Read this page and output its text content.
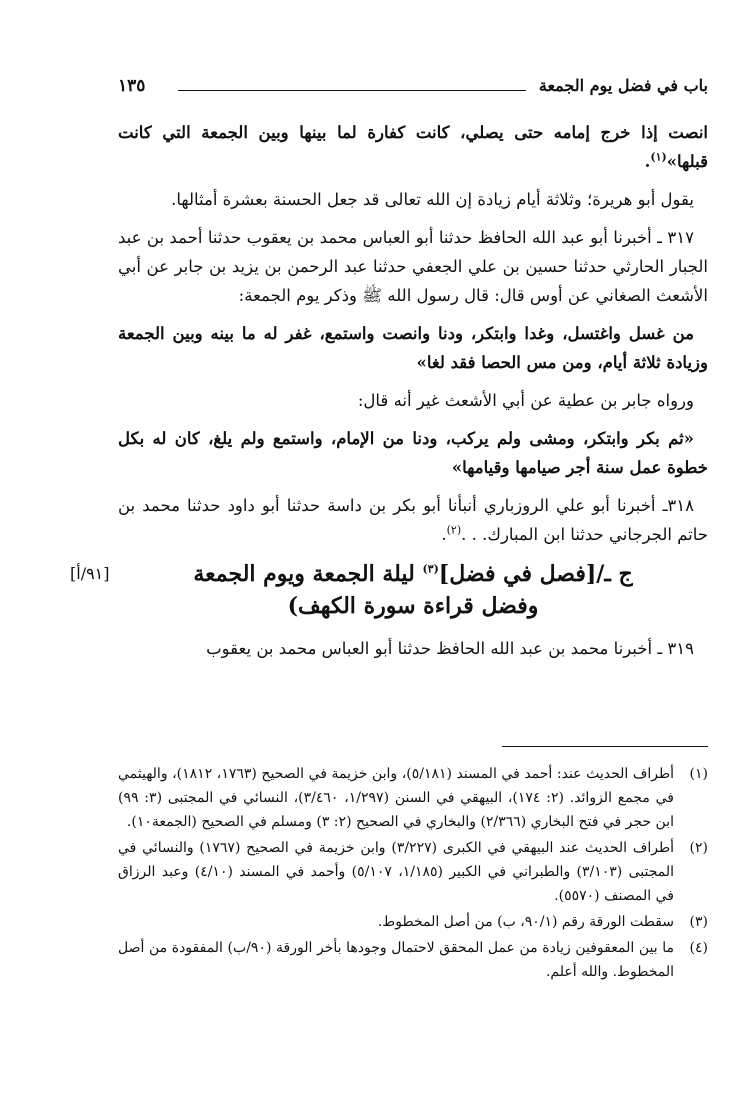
باب في فضل يوم الجمعة
١٣٥

انصت إذا خرج إمامه حتى يصلي، كانت كفارة لما بينها وبين الجمعة التي كانت قبلها»$^{(١)}$.

يقول أبو هريرة؛ وثلاثة أيام زيادة إن الله تعالى قد جعل الحسنة بعشرة أمثالها.

٣١٧ ـ أخبرنا أبو عبد الله الحافظ حدثنا أبو العباس محمد بن يعقوب حدثنا أحمد بن عبد الجبار الحارثي حدثنا حسين بن علي الجعفي حدثنا عبد الرحمن بن يزيد بن جابر عن أبي الأشعث الصغاني عن أوس قال: قال رسول الله ﷺ وذكر يوم الجمعة:

من غسل واغتسل، وغدا وابتكر، ودنا وانصت واستمع، غفر له ما بينه وبين الجمعة وزيادة ثلاثة أيام، ومن مس الحصا فقد لغا»

ورواه جابر بن عطية عن أبي الأشعث غير أنه قال:

«ثم بكر وابتكر، ومشى ولم يركب، ودنا من الإمام، واستمع ولم يلغ، كان له بكل خطوة عمل سنة أجر صيامها وقيامها»

٣١٨ـ أخبرنا أبو علي الروزباري أنبأنا أبو بكر بن داسة حدثنا أبو داود حدثنا محمد بن حاتم الجرجاني حدثنا ابن المبارك. . .$^{(٢)}$.

ج ـ/[فصل في فضل]$^{(٣)}$ ليلة الجمعة ويوم الجمعة
وفضل قراءة سورة الكهف)
[٩١/أ]

٣١٩ ـ أخبرنا محمد بن عبد الله الحافظ حدثنا أبو العباس محمد بن يعقوب

(١)
أطراف الحديث عند: أحمد في المسند (٥/١٨١)، وابن خزيمة في الصحيح (١٧٦٣، ١٨١٢)، والهيثمي في مجمع الزوائد. (٢: ١٧٤)، البيهقي في السنن (١/٢٩٧، ٣/٤٦٠)، النسائي في المجتبى (٣: ٩٩) ابن حجر في فتح البخاري (٢/٣٦٦) والبخاري في الصحيح (٢: ٣) ومسلم في الصحيح (الجمعة١٠).
(٢)
أطراف الحديث عند البيهقي في الكبرى (٣/٢٢٧) وابن خزيمة في الصحيح (١٧٦٧) والنسائي في المجتبى (٣/١٠٣) والطبراني في الكبير (١/١٨٥، ٥/١٠٧) وأحمد في المسند (٤/١٠) وعبد الرزاق في المصنف (٥٥٧٠).
(٣)
سقطت الورقة رقم (٩٠/١، ب) من أصل المخطوط.
(٤)
ما بين المعقوفين زيادة من عمل المحقق لاحتمال وجودها بأخر الورقة (٩٠/ب) المفقودة من أصل المخطوط. والله أعلم.
